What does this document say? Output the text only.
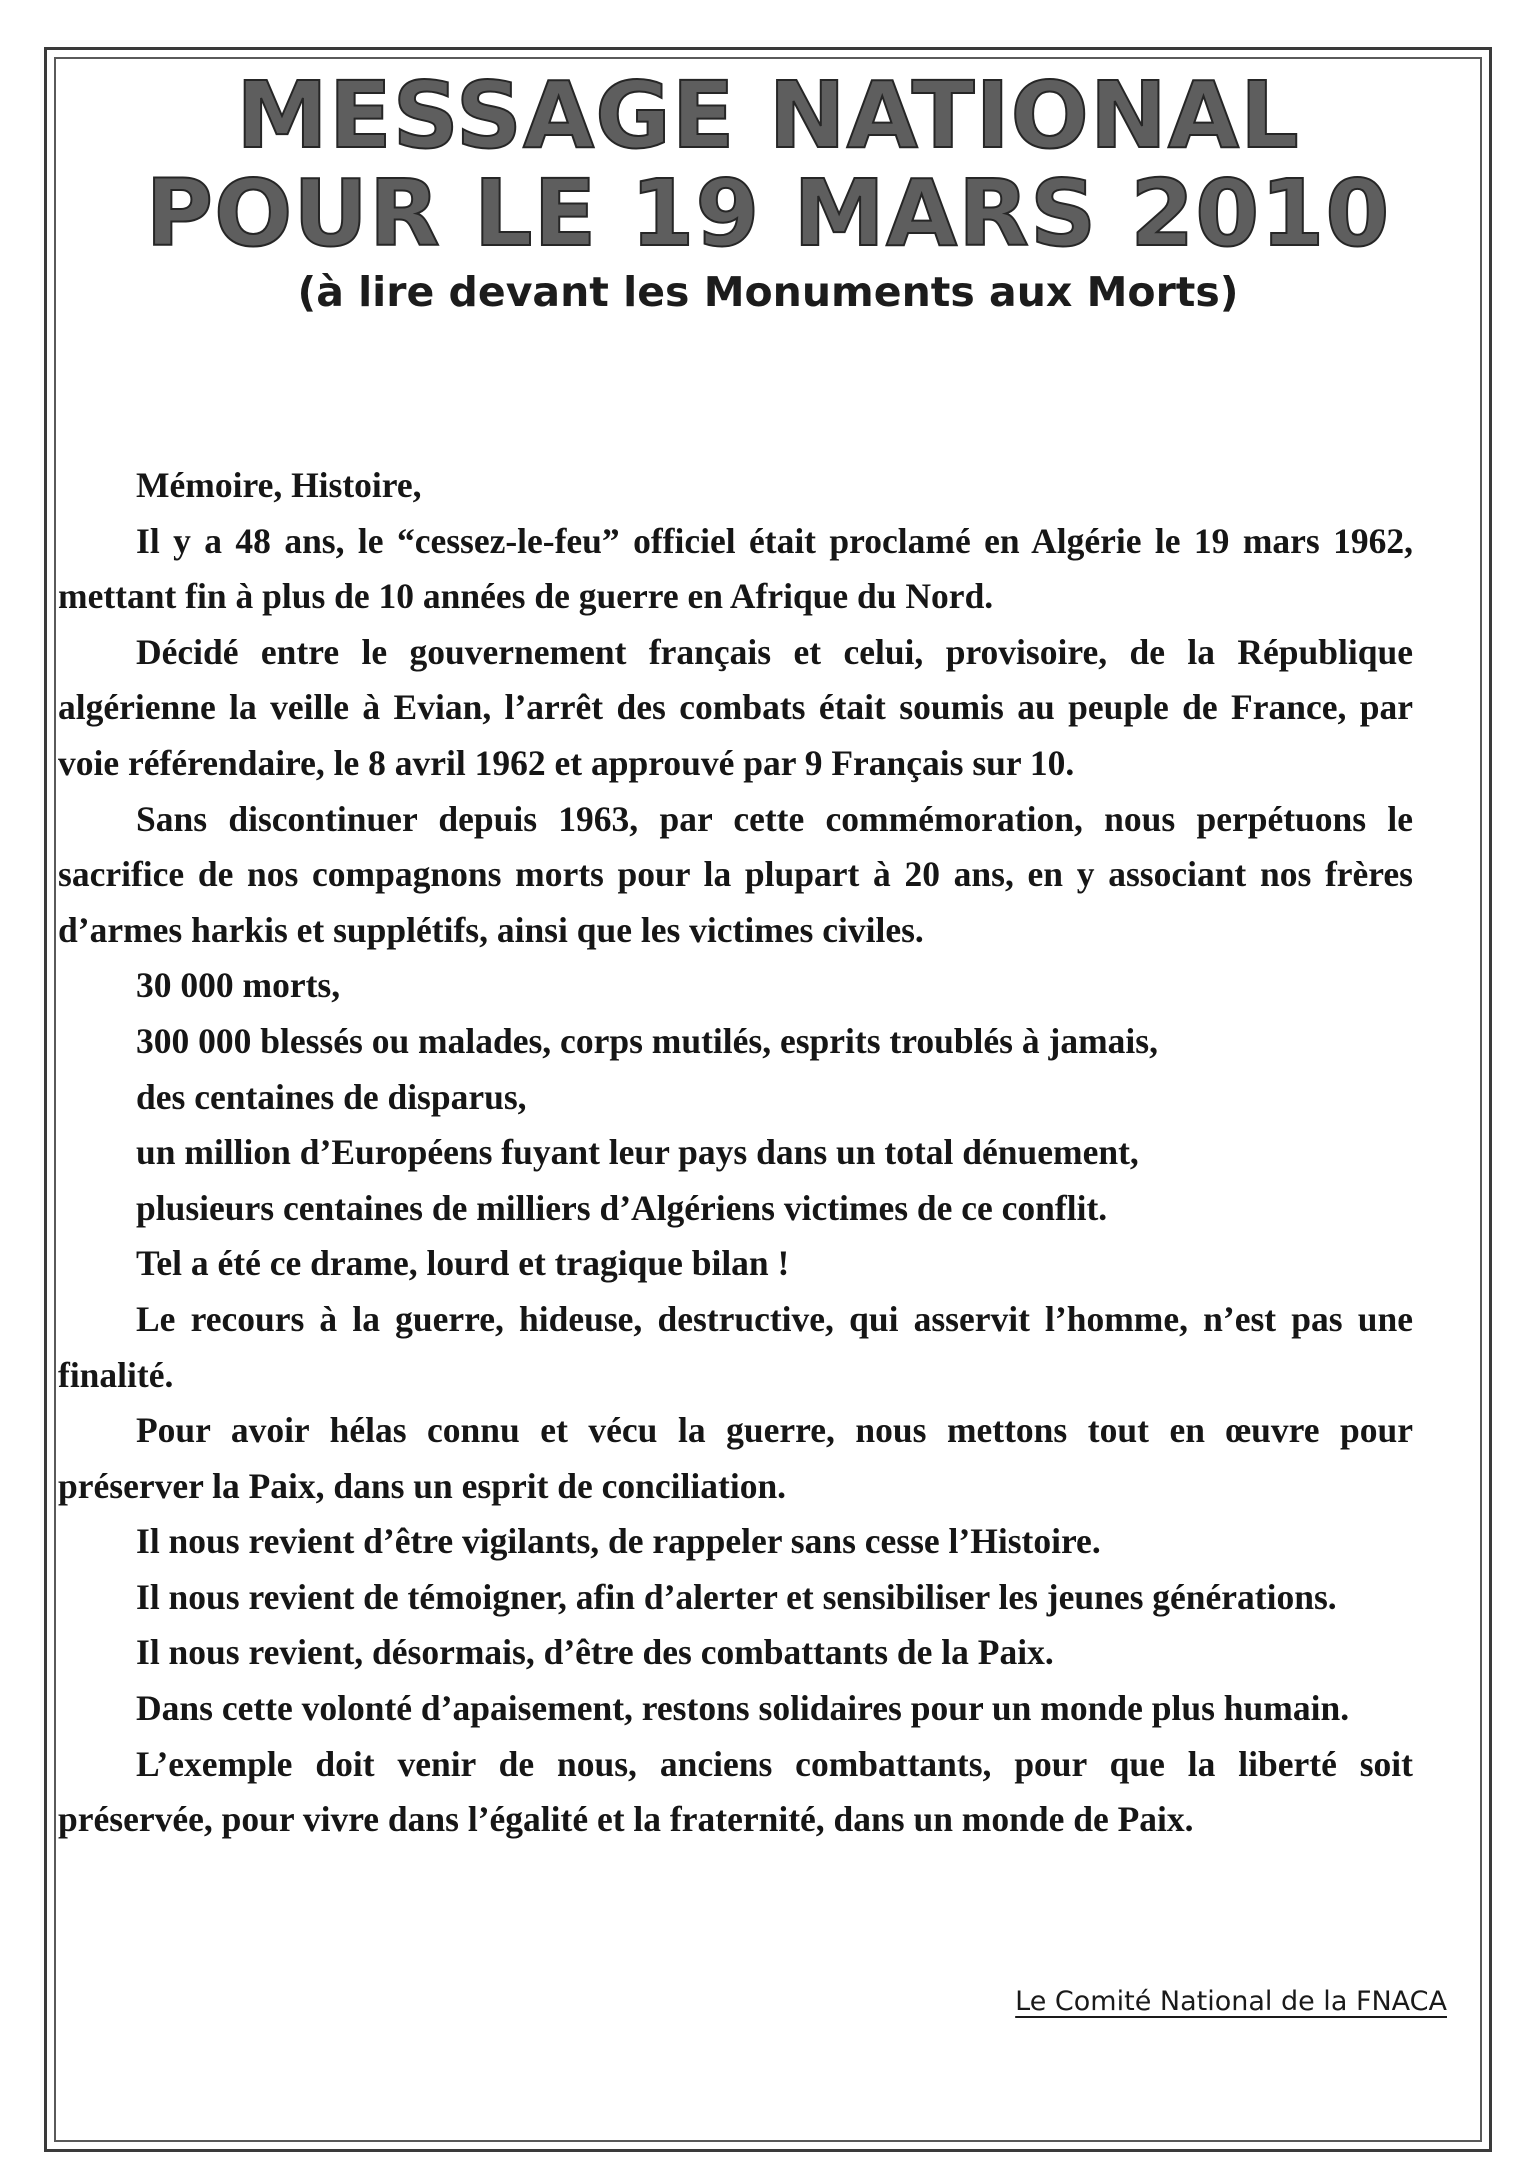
MESSAGE NATIONAL
POUR LE 19 MARS 2010
(à lire devant les Monuments aux Morts)

Mémoire, Histoire,

Il y a 48 ans, le “cessez-le-feu” officiel était proclamé en Algérie le 19 mars 1962, mettant fin à plus de 10 années de guerre en Afrique du Nord.

Décidé entre le gouvernement français et celui, provisoire, de la République algérienne la veille à Evian, l’arrêt des combats était soumis au peuple de France, par voie référendaire, le 8 avril 1962 et approuvé par 9 Français sur 10.

Sans discontinuer depuis 1963, par cette commémoration, nous perpétuons le sacrifice de nos compagnons morts pour la plupart à 20 ans, en y associant nos frères d’armes harkis et supplétifs, ainsi que les victimes civiles.

30 000 morts,

300 000 blessés ou malades, corps mutilés, esprits troublés à jamais,

des centaines de disparus,

un million d’Européens fuyant leur pays dans un total dénuement,

plusieurs centaines de milliers d’Algériens victimes de ce conflit.

Tel a été ce drame, lourd et tragique bilan !

Le recours à la guerre, hideuse, destructive, qui asservit l’homme, n’est pas une finalité.

Pour avoir hélas connu et vécu la guerre, nous mettons tout en œuvre pour préserver la Paix, dans un esprit de conciliation.

Il nous revient d’être vigilants, de rappeler sans cesse l’Histoire.

Il nous revient de témoigner, afin d’alerter et sensibiliser les jeunes générations.

Il nous revient, désormais, d’être des combattants de la Paix.

Dans cette volonté d’apaisement, restons solidaires pour un monde plus humain.

L’exemple doit venir de nous, anciens combattants, pour que la liberté soit préservée, pour vivre dans l’égalité et la fraternité, dans un monde de Paix.

Le Comité National de la FNACA
